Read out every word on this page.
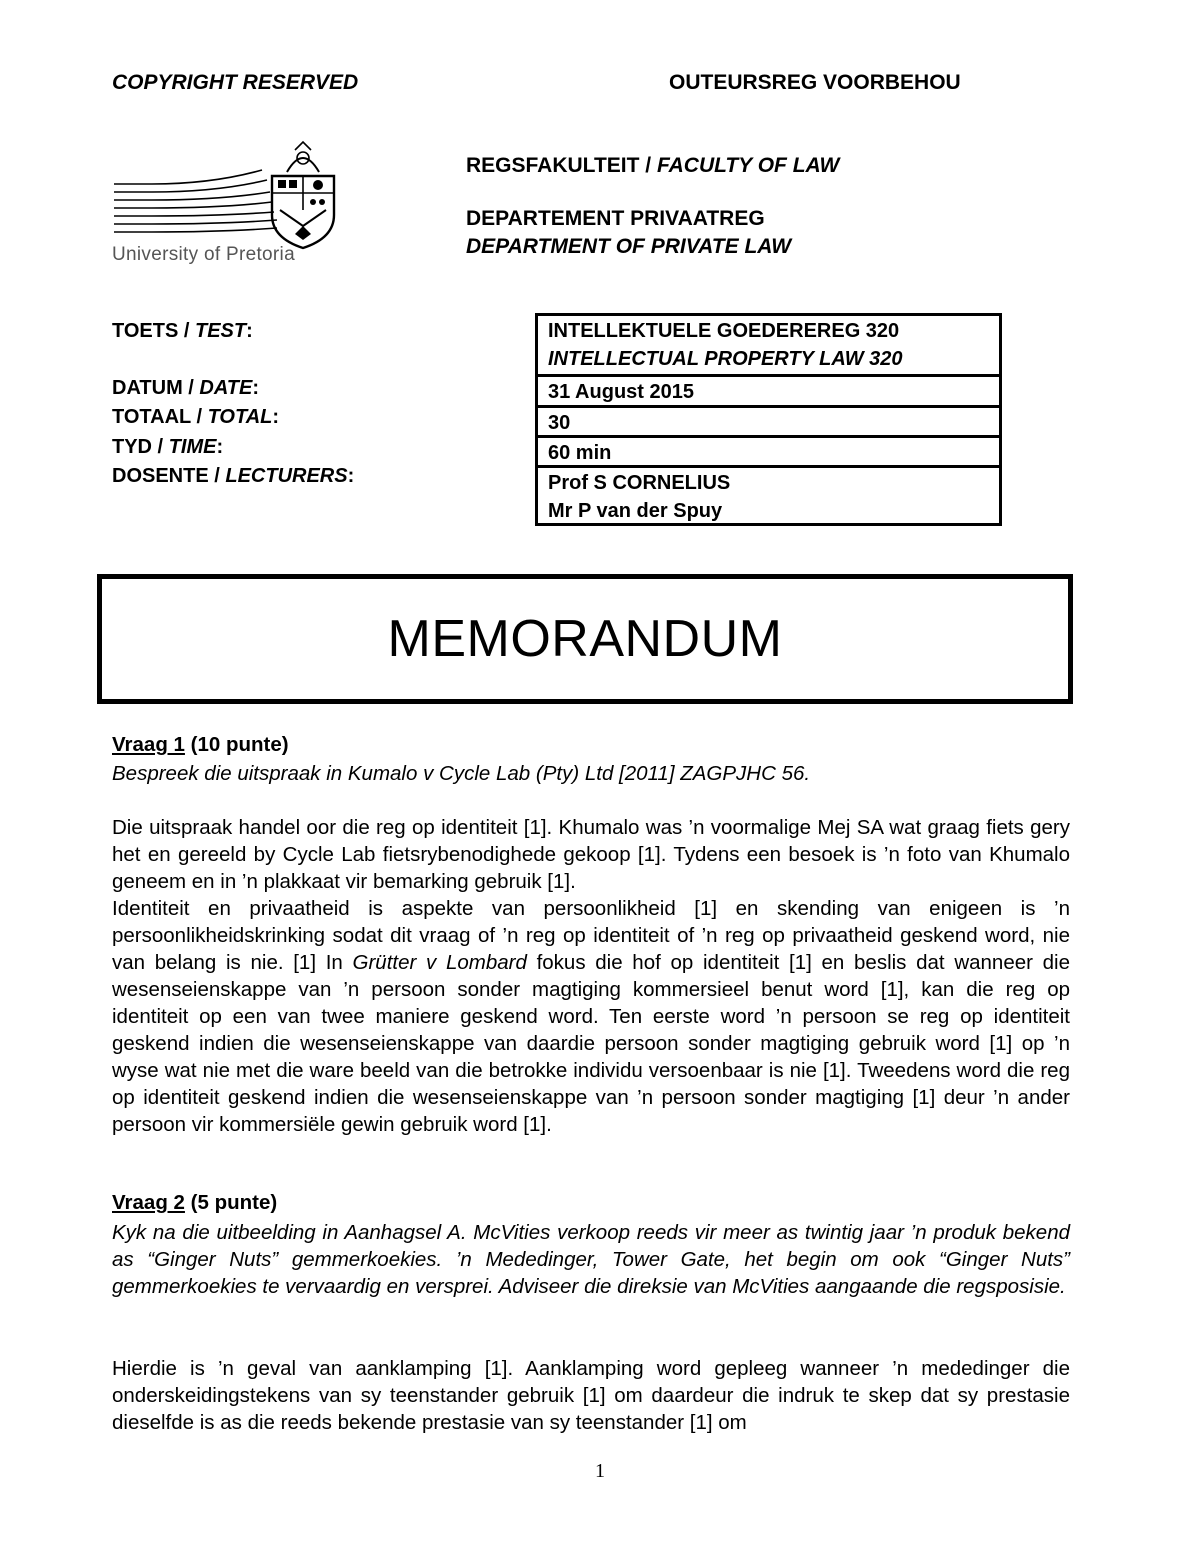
COPYRIGHT RESERVED	OUTEURSREG VOORBEHOU
University of Pretoria
REGSFAKULTEIT / FACULTY OF LAW
DEPARTEMENT PRIVAATREG
DEPARTMENT OF PRIVATE LAW
TOETS / TEST:
DATUM / DATE:
TOTAAL / TOTAL:
TYD / TIME:
DOSENTE / LECTURERS:
INTELLEKTUELE GOEDEREREG 320
INTELLECTUAL PROPERTY LAW 320
31 August 2015
30
60 min
Prof S CORNELIUS
Mr P van der Spuy
MEMORANDUM
Vraag 1 (10 punte)
Bespreek die uitspraak in Kumalo v Cycle Lab (Pty) Ltd [2011] ZAGPJHC 56.

Die uitspraak handel oor die reg op identiteit [1]. Khumalo was ’n voormalige Mej SA wat graag fiets gery het en gereeld by Cycle Lab fietsrybenodighede gekoop [1]. Tydens een besoek is ’n foto van Khumalo geneem en in ’n plakkaat vir bemarking gebruik [1].

Identiteit en privaatheid is aspekte van persoonlikheid [1] en skending van enigeen is ’n persoonlikheidskrinking sodat dit vraag of ’n reg op identiteit of ’n reg op privaatheid geskend word, nie van belang is nie. [1] In Grütter v Lombard fokus die hof op identiteit [1] en beslis dat wanneer die wesenseienskappe van ’n persoon sonder magtiging kommersieel benut word [1], kan die reg op identiteit op een van twee maniere geskend word. Ten eerste word ’n persoon se reg op identiteit geskend indien die wesenseienskappe van daardie persoon sonder magtiging gebruik word [1] op ’n wyse wat nie met die ware beeld van die betrokke individu versoenbaar is nie [1]. Tweedens word die reg op identiteit geskend indien die wesenseienskappe van ’n persoon sonder magtiging [1] deur ’n ander persoon vir kommersiële gewin gebruik word [1].

Vraag 2 (5 punte)
Kyk na die uitbeelding in Aanhagsel A. McVities verkoop reeds vir meer as twintig jaar ’n produk bekend as “Ginger Nuts” gemmerkoekies. ’n Mededinger, Tower Gate, het begin om ook “Ginger Nuts” gemmerkoekies te vervaardig en versprei. Adviseer die direksie van McVities aangaande die regsposisie.

Hierdie is ’n geval van aanklamping [1]. Aanklamping word gepleeg wanneer ’n mededinger die onderskeidingstekens van sy teenstander gebruik [1] om daardeur die indruk te skep dat sy prestasie dieselfde is as die reeds bekende prestasie van sy teenstander [1] om

1
